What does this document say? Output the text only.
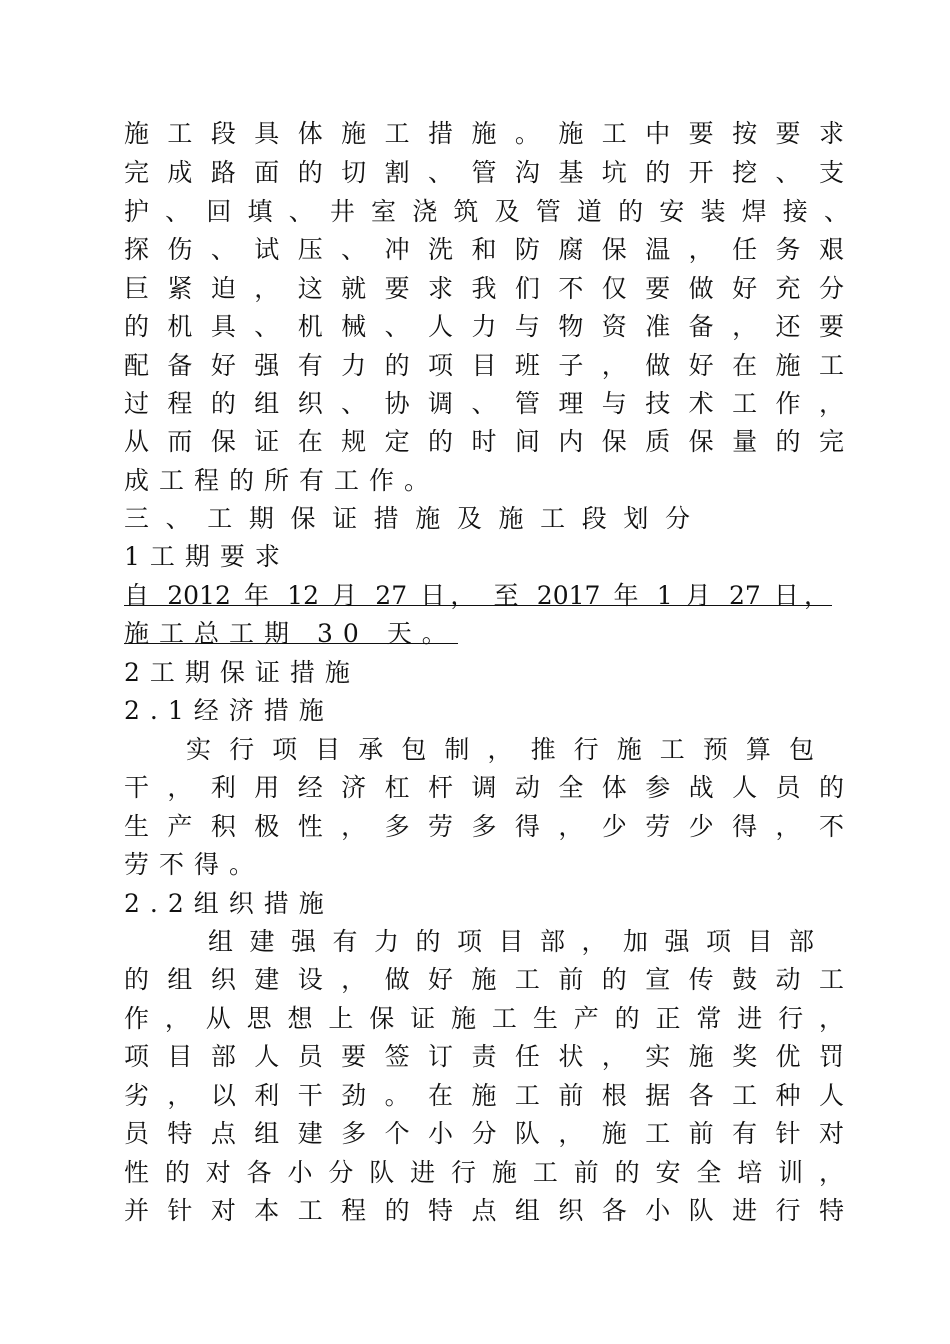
施工段具体施工措施。施工中要按要求
完成路面的切割、管沟基坑的开挖、支
护、回填、井室浇筑及管道的安装焊接、
探伤、试压、冲洗和防腐保温，任务艰
巨紧迫，这就要求我们不仅要做好充分
的机具、机械、人力与物资准备，还要
配备好强有力的项目班子，做好在施工
过程的组织、协调、管理与技术工作，
从而保证在规定的时间内保质保量的完
成工程的所有工作。
三、工期保证措施及施工段划分
1工期要求
自 2012 年 12 月 27 日， 至 2017 年 1 月 27 日，
施工总工期 30 天。
2工期保证措施
2.1经济措施
实行项目承包制，推行施工预算包
干，利用经济杠杆调动全体参战人员的
生产积极性，多劳多得，少劳少得，不
劳不得。
2.2组织措施
组建强有力的项目部，加强项目部
的组织建设，做好施工前的宣传鼓动工
作，从思想上保证施工生产的正常进行，
项目部人员要签订责任状，实施奖优罚
劣，以利干劲。在施工前根据各工种人
员特点组建多个小分队，施工前有针对
性的对各小分队进行施工前的安全培训，
并针对本工程的特点组织各小队进行特
